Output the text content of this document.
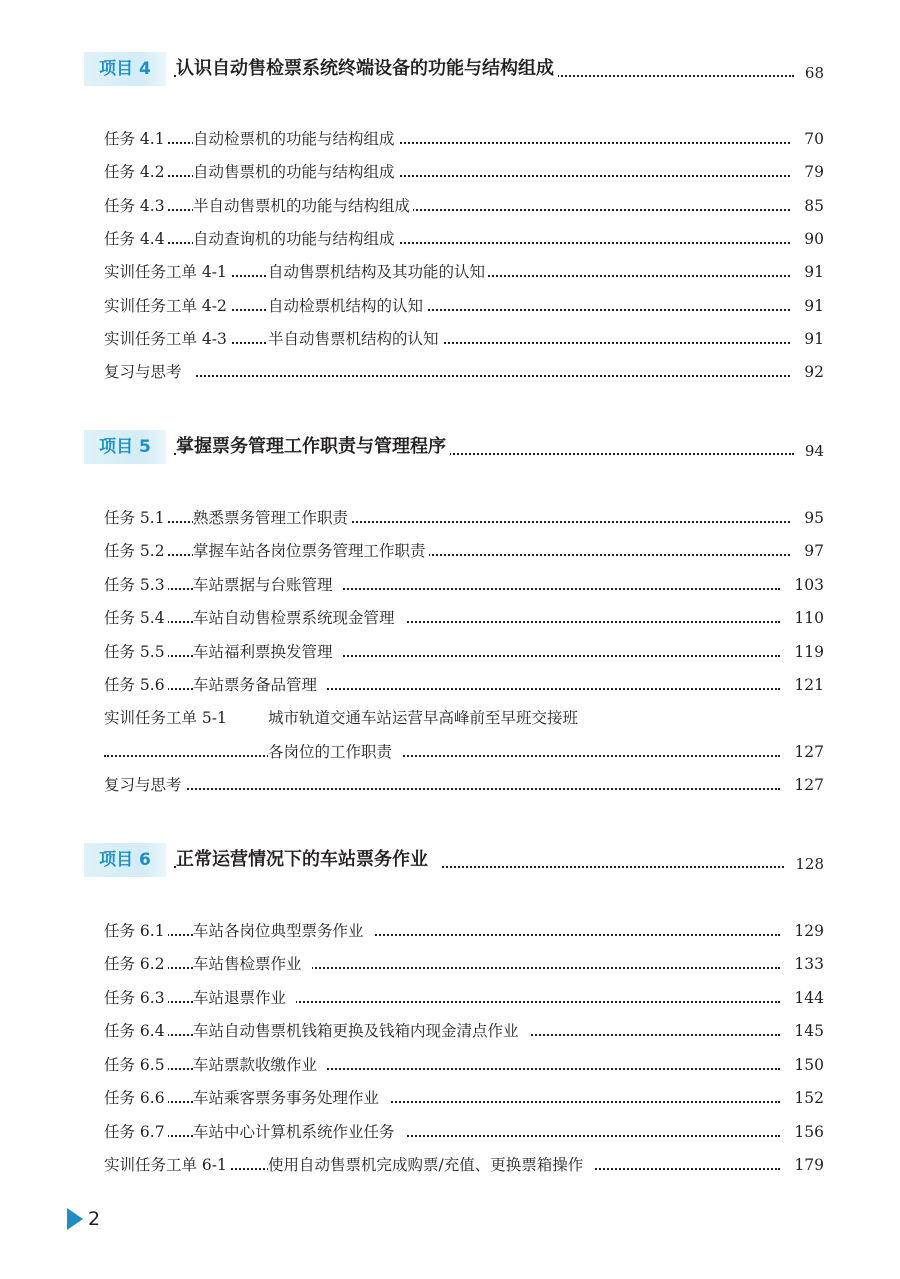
项目 4	认识自动售检票系统终端设备的功能与结构组成	68
任务 4.1 自动检票机的功能与结构组成	70
任务 4.2 自动售票机的功能与结构组成	79
任务 4.3 半自动售票机的功能与结构组成	85
任务 4.4 自动查询机的功能与结构组成	90
实训任务工单 4-1	自动售票机结构及其功能的认知	91
实训任务工单 4-2	自动检票机结构的认知	91
实训任务工单 4-3	半自动售票机结构的认知	91
复习与思考	92
项目 5	掌握票务管理工作职责与管理程序	94
任务 5.1 熟悉票务管理工作职责	95
任务 5.2 掌握车站各岗位票务管理工作职责	97
任务 5.3 车站票据与台账管理	103
任务 5.4 车站自动售检票系统现金管理	110
任务 5.5 车站福利票换发管理	119
任务 5.6 车站票务备品管理	121
实训任务工单 5-1	城市轨道交通车站运营早高峰前至早班交接班
各岗位的工作职责	127
复习与思考	127
项目 6	正常运营情况下的车站票务作业	128
任务 6.1 车站各岗位典型票务作业	129
任务 6.2 车站售检票作业	133
任务 6.3 车站退票作业	144
任务 6.4 车站自动售票机钱箱更换及钱箱内现金清点作业	145
任务 6.5 车站票款收缴作业	150
任务 6.6 车站乘客票务事务处理作业	152
任务 6.7 车站中心计算机系统作业任务	156
实训任务工单 6-1	使用自动售票机完成购票/充值、更换票箱操作	179
2
